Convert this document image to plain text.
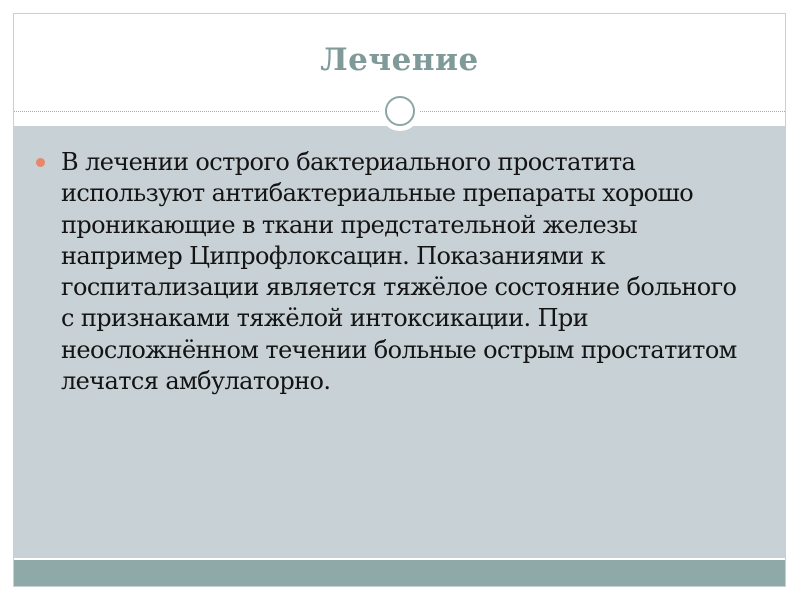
Лечение
В лечении острого бактериального простатита используют антибактериальные препараты хорошо проникающие в ткани предстательной железы например Ципрофлоксацин. Показаниями к госпитализации является тяжёлое состояние больного с признаками тяжёлой интоксикации. При неосложнённом течении больные острым простатитом лечатся амбулаторно.
